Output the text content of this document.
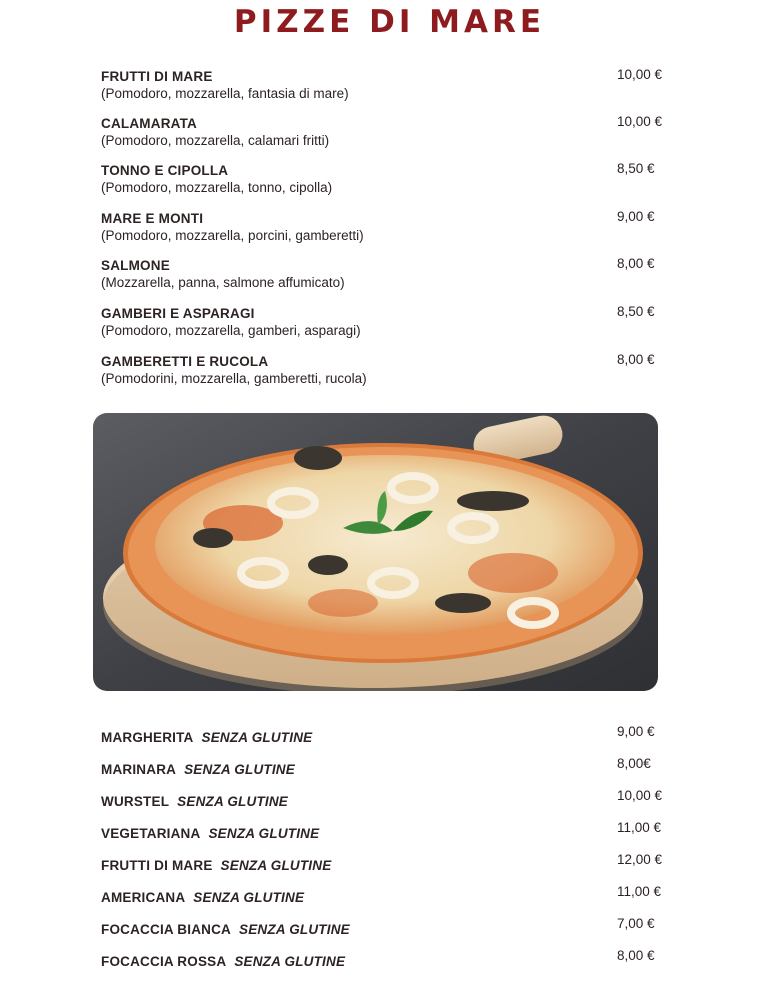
PIZZE DI MARE
FRUTTI DI MARE
(Pomodoro, mozzarella, fantasia di mare)
10,00 €
CALAMARATA
(Pomodoro, mozzarella, calamari fritti)
10,00 €
TONNO E CIPOLLA
(Pomodoro, mozzarella, tonno, cipolla)
8,50 €
MARE E MONTI
(Pomodoro, mozzarella, porcini, gamberetti)
9,00 €
SALMONE
(Mozzarella, panna, salmone affumicato)
8,00 €
GAMBERI E ASPARAGI
(Pomodoro, mozzarella, gamberi, asparagi)
8,50 €
GAMBERETTI E RUCOLA
(Pomodorini, mozzarella, gamberetti, rucola)
8,00 €
MARGHERITA SENZA GLUTINE	9,00 €
MARINARA SENZA GLUTINE	8,00€
WURSTEL SENZA GLUTINE	10,00 €
VEGETARIANA SENZA GLUTINE	11,00 €
FRUTTI DI MARE SENZA GLUTINE	12,00 €
AMERICANA SENZA GLUTINE	11,00 €
FOCACCIA BIANCA SENZA GLUTINE	7,00 €
FOCACCIA ROSSA SENZA GLUTINE	8,00 €
